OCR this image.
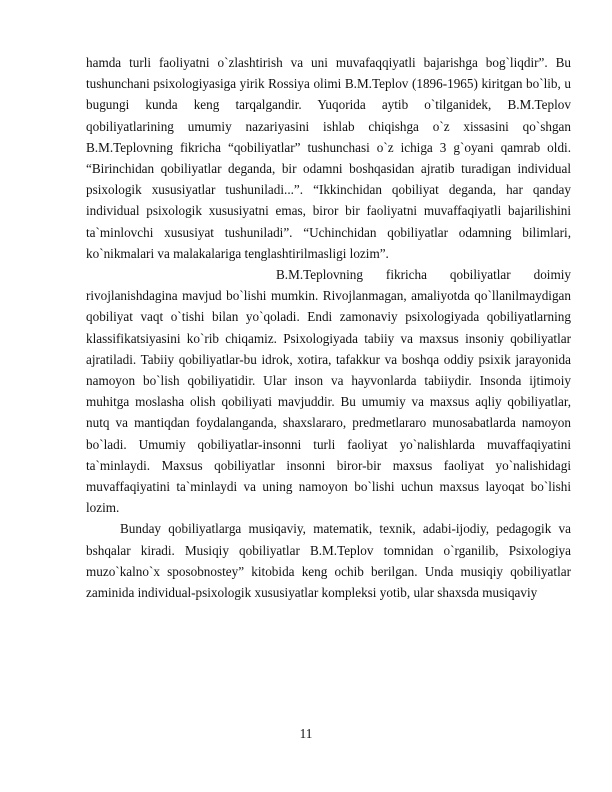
hamda turli faoliyatni o`zlashtirish va uni muvafaqqiyatli bajarishga bog`liqdir”. Bu tushunchani psixologiyasiga yirik Rossiya olimi B.M.Teplov (1896-1965) kiritgan bo`lib, u bugungi kunda keng tarqalgandir. Yuqorida aytib o`tilganidek, B.M.Teplov qobiliyatlarining umumiy nazariyasini ishlab chiqishga o`z xissasini qo`shgan B.M.Teplovning fikricha “qobiliyatlar” tushunchasi o`z ichiga 3 g`oyani qamrab oldi. “Birinchidan qobiliyatlar deganda, bir odamni boshqasidan ajratib turadigan individual psixologik xususiyatlar tushuniladi...”. “Ikkinchidan qobiliyat deganda, har qanday individual psixologik xususiyatni emas, biror bir faoliyatni muvaffaqiyatli bajarilishini ta`minlovchi xususiyat tushuniladi”. “Uchinchidan qobiliyatlar odamning bilimlari, ko`nikmalari va malakalariga tenglashtirilmasligi lozim”.

B.M.Teplovning fikricha qobiliyatlar doimiy rivojlanishdagina mavjud bo`lishi mumkin. Rivojlanmagan, amaliyotda qo`llanilmaydigan qobiliyat vaqt o`tishi bilan yo`qoladi. Endi zamonaviy psixologiyada qobiliyatlarning klassifikatsiyasini ko`rib chiqamiz. Psixologiyada tabiiy va maxsus insoniy qobiliyatlar ajratiladi. Tabiiy qobiliyatlar-bu idrok, xotira, tafakkur va boshqa oddiy psixik jarayonida namoyon bo`lish qobiliyatidir. Ular inson va hayvonlarda tabiiydir. Insonda ijtimoiy muhitga moslasha olish qobiliyati mavjuddir. Bu umumiy va maxsus aqliy qobiliyatlar, nutq va mantiqdan foydalanganda, shaxslararo, predmetlararo munosabatlarda namoyon bo`ladi. Umumiy qobiliyatlar-insonni turli faoliyat yo`nalishlarda muvaffaqiyatini ta`minlaydi. Maxsus qobiliyatlar insonni biror-bir maxsus faoliyat yo`nalishidagi muvaffaqiyatini ta`minlaydi va uning namoyon bo`lishi uchun maxsus layoqat bo`lishi lozim.

Bunday qobiliyatlarga musiqaviy, matematik, texnik, adabi-ijodiy, pedagogik va bshqalar kiradi. Musiqiy qobiliyatlar B.M.Teplov tomnidan o`rganilib, Psixologiya muzo`kalno`x sposobnostey” kitobida keng ochib berilgan. Unda musiqiy qobiliyatlar zaminida individual-psixologik xususiyatlar kompleksi yotib, ular shaxsda musiqaviy

11
